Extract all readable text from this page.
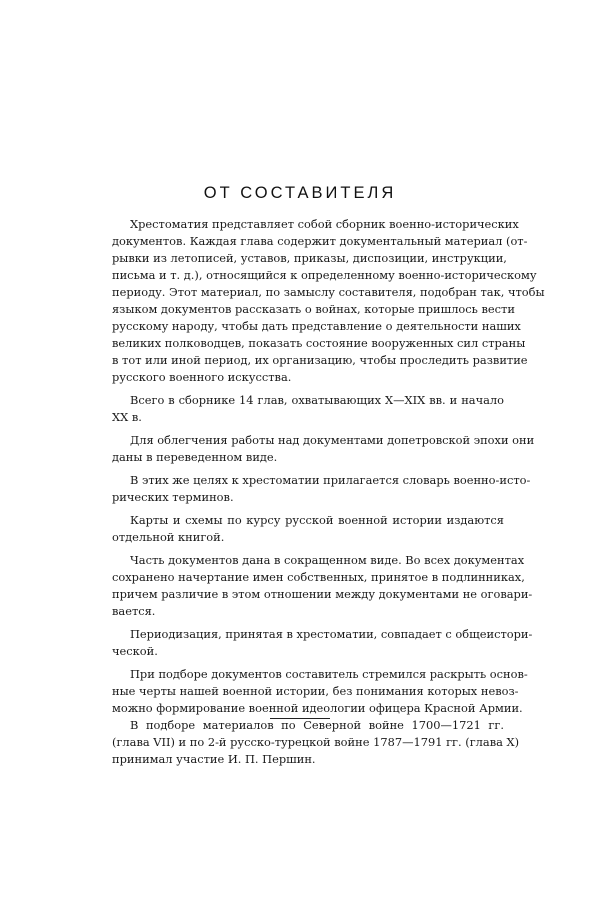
ОТ СОСТАВИТЕЛЯ
Хрестоматия представляет собой сборник военно-исторических
документов. Каждая глава содержит документальный материал (от-
рывки из летописей, уставов, приказы, диспозиции, инструкции,
письма и т. д.), относящийся к определенному военно-историческому
периоду. Этот материал, по замыслу составителя, подобран так, чтобы
языком документов рассказать о войнах, которые пришлось вести
русскому народу, чтобы дать представление о деятельности наших
великих полководцев, показать состояние вооруженных сил страны
в тот или иной период, их организацию, чтобы проследить развитие
русского военного искусства.
Всего в сборнике 14 глав, охватывающих X—XIX вв. и начало
XX в.
Для облегчения работы над документами допетровской эпохи они
даны в переведенном виде.
В этих же целях к хрестоматии прилагается словарь военно-исто-
рических терминов.
Карты и схемы по курсу русской военной истории издаются
отдельной книгой.
Часть документов дана в сокращенном виде. Во всех документах
сохранено начертание имен собственных, принятое в подлинниках,
причем различие в этом отношении между документами не оговари-
вается.
Периодизация, принятая в хрестоматии, совпадает с общеистори-
ческой.
При подборе документов составитель стремился раскрыть основ-
ные черты нашей военной истории, без понимания которых невоз-
можно формирование военной идеологии офицера Красной Армии.
В подборе материалов по Северной войне 1700—1721 гг.
(глава VII) и по 2-й русско-турецкой войне 1787—1791 гг. (глава X)
принимал участие И. П. Першин.
